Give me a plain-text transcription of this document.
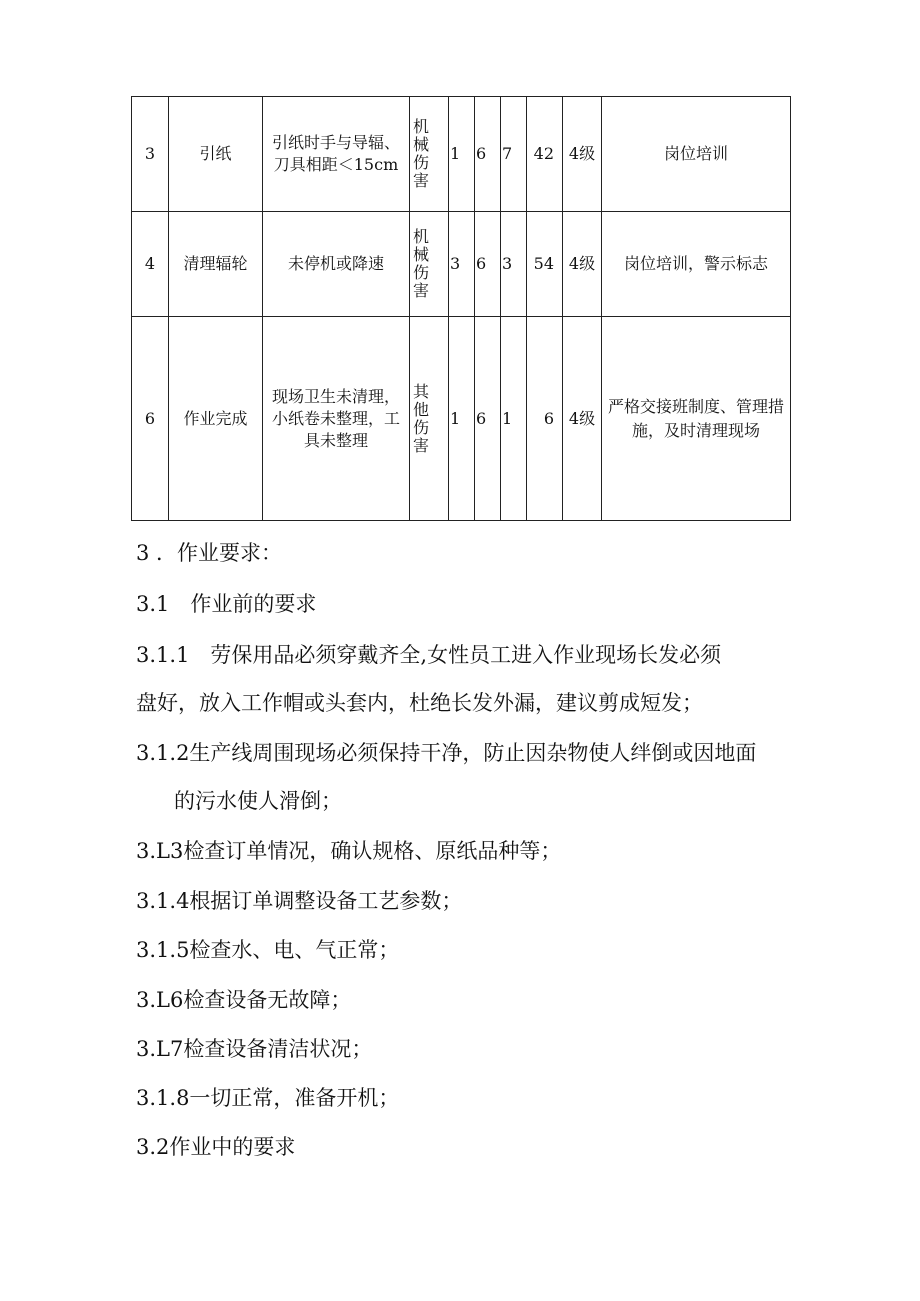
3	引纸	引纸时手与导辐、刀具相距＜15cm	机械伤害	1	6	7	42	4级	岗位培训
4	清理辐轮	未停机或降速	机械伤害	3	6	3	54	4级	岗位培训，警示标志
6	作业完成	现场卫生未清理，小纸卷未整理，工具未整理	其他伤害	1	6	1	6	4级	严格交接班制度、管理措施，及时清理现场

3 ．作业要求：

3.1　作业前的要求

3.1.1　劳保用品必须穿戴齐全,女性员工进入作业现场长发必须

盘好，放入工作帽或头套内，杜绝长发外漏，建议剪成短发；

3.1.2生产线周围现场必须保持干净，防止因杂物使人绊倒或因地面

的污水使人滑倒；

3.L3检查订单情况，确认规格、原纸品种等；

3.1.4根据订单调整设备工艺参数；

3.1.5检查水、电、气正常；

3.L6检查设备无故障；

3.L7检查设备清洁状况；

3.1.8一切正常，准备开机；

3.2作业中的要求
